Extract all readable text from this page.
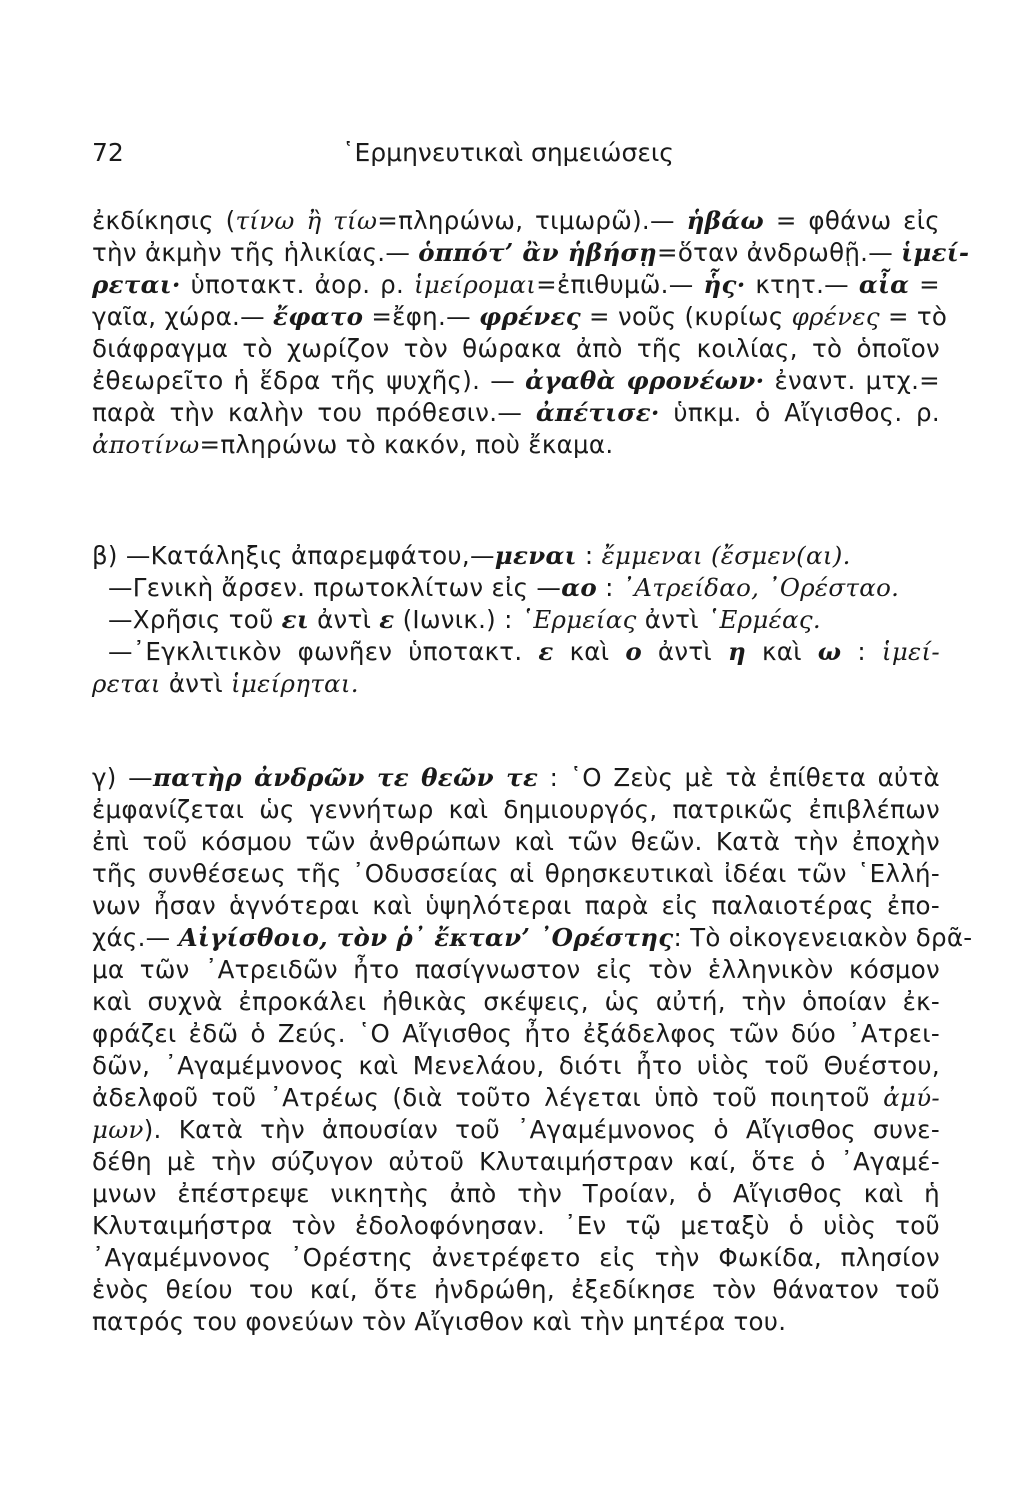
72	῾Ερμηνευτικαὶ σημειώσεις
ἐκδίκησις (τίνω ἢ τίω=πληρώνω, τιμωρῶ).— ἡβάω = φθάνω εἰς
τὴν ἀκμὴν τῆς ἡλικίας.— ὁππότ’ ἂν ἡβήσῃ=ὅταν ἀνδρωθῇ.— ἱμεί-
ρεται· ὑποτακτ. ἀορ. ρ. ἱμείρομαι=ἐπιθυμῶ.— ἧς· κτητ.— αἶα =
γαῖα, χώρα.— ἔφατο =ἔφη.— φρένες = νοῦς (κυρίως φρένες = τὸ
διάφραγμα τὸ χωρίζον τὸν θώρακα ἀπὸ τῆς κοιλίας, τὸ ὁποῖον
ἐθεωρεῖτο ἡ ἕδρα τῆς ψυχῆς). — ἀγαθὰ φρονέων· ἐναντ. μτχ.=
παρὰ τὴν καλὴν του πρόθεσιν.— ἀπέτισε· ὑπκμ. ὁ Αἴγισθος. ρ.
ἀποτίνω=πληρώνω τὸ κακόν, ποὺ ἔκαμα.
β) —Κατάληξις ἀπαρεμφάτου,—μεναι : ἔμμεναι (ἔσμεν(αι).
—Γενικὴ ἄρσεν. πρωτοκλίτων εἰς —αο : ᾿Ατρείδαο, ᾿Ορέσταο.
—Χρῆσις τοῦ ει ἀντὶ ε (Ιωνικ.) : ῾Ερμείας ἀντὶ ῾Ερμέας.
—᾿Εγκλιτικὸν φωνῆεν ὑποτακτ. ε καὶ ο ἀντὶ η καὶ ω : ἱμεί-
ρεται ἀντὶ ἱμείρηται.
γ) —πατὴρ ἀνδρῶν τε θεῶν τε : ῾Ο Ζεὺς μὲ τὰ ἐπίθετα αὐτὰ
ἐμφανίζεται ὡς γεννήτωρ καὶ δημιουργός, πατρικῶς ἐπιβλέπων
ἐπὶ τοῦ κόσμου τῶν ἀνθρώπων καὶ τῶν θεῶν. Κατὰ τὴν ἐποχὴν
τῆς συνθέσεως τῆς ᾿Οδυσσείας αἱ θρησκευτικαὶ ἰδέαι τῶν ῾Ελλή-
νων ἦσαν ἁγνότεραι καὶ ὑψηλότεραι παρὰ εἰς παλαιοτέρας ἐπο-
χάς.— Αἰγίσθοιο, τὸν ῥ᾿ ἔκταν’ ᾿Ορέστης: Τὸ οἰκογενειακὸν δρᾶ-
μα τῶν ᾿Ατρειδῶν ἦτο πασίγνωστον εἰς τὸν ἑλληνικὸν κόσμον
καὶ συχνὰ ἐπροκάλει ἠθικὰς σκέψεις, ὡς αὐτή, τὴν ὁποίαν ἐκ-
φράζει ἐδῶ ὁ Ζεύς. ῾Ο Αἴγισθος ἦτο ἐξάδελφος τῶν δύο ᾿Ατρει-
δῶν, ᾿Αγαμέμνονος καὶ Μενελάου, διότι ἦτο υἱὸς τοῦ Θυέστου,
ἀδελφοῦ τοῦ ᾿Ατρέως (διὰ τοῦτο λέγεται ὑπὸ τοῦ ποιητοῦ ἀμύ-
μων). Κατὰ τὴν ἀπουσίαν τοῦ ᾿Αγαμέμνονος ὁ Αἴγισθος συνε-
δέθη μὲ τὴν σύζυγον αὐτοῦ Κλυταιμήστραν καί, ὅτε ὁ ᾿Αγαμέ-
μνων ἐπέστρεψε νικητὴς ἀπὸ τὴν Τροίαν, ὁ Αἴγισθος καὶ ἡ
Κλυταιμήστρα τὸν ἐδολοφόνησαν. ᾿Εν τῷ μεταξὺ ὁ υἱὸς τοῦ
᾿Αγαμέμνονος ᾿Ορέστης ἀνετρέφετο εἰς τὴν Φωκίδα, πλησίον
ἑνὸς θείου του καί, ὅτε ἠνδρώθη, ἐξεδίκησε τὸν θάνατον τοῦ
πατρός του φονεύων τὸν Αἴγισθον καὶ τὴν μητέρα του.
